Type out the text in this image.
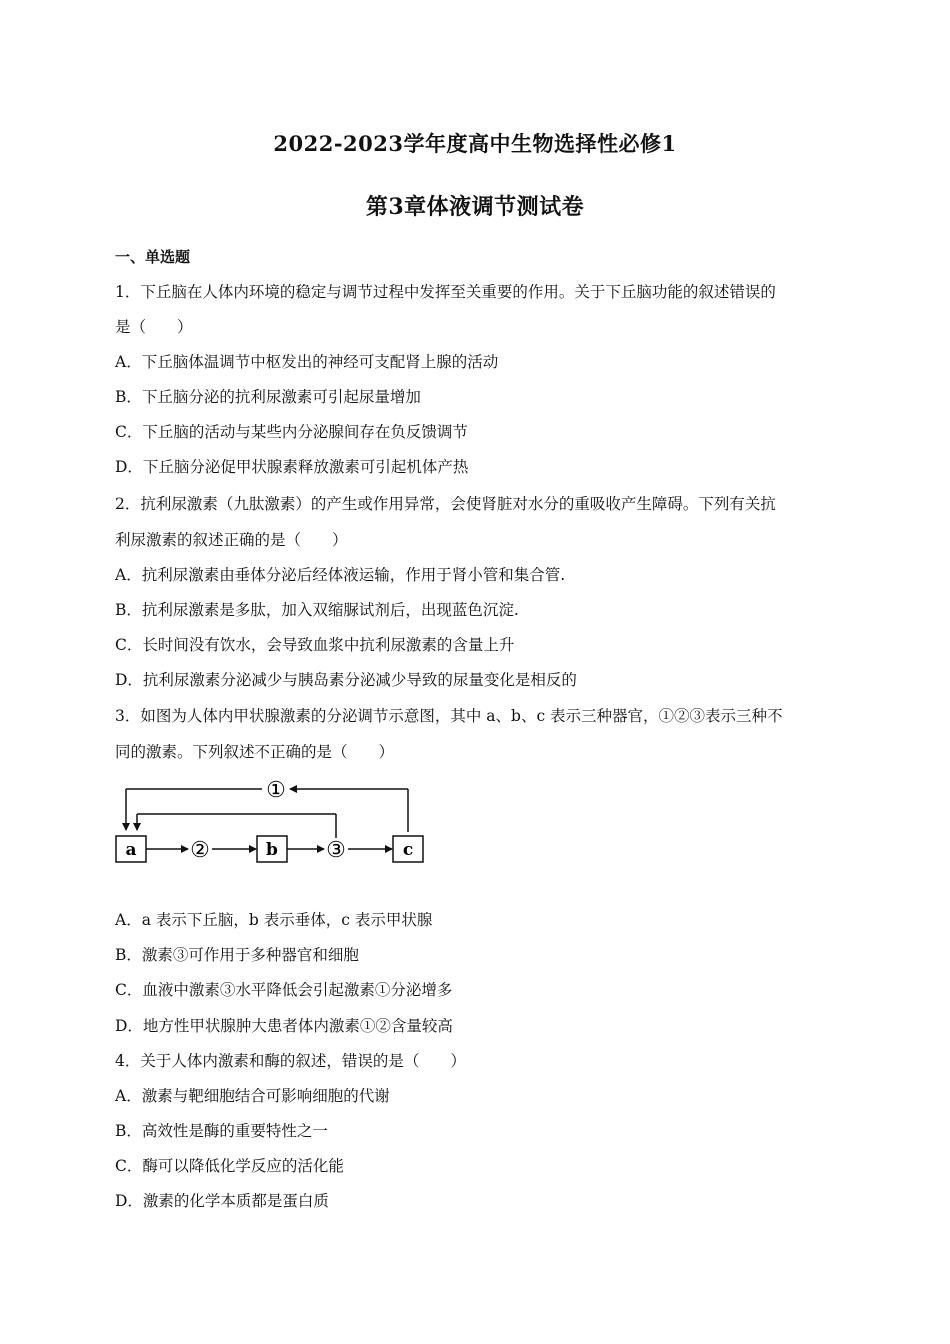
2022-2023学年度高中生物选择性必修1
第3章体液调节测试卷
一、单选题
1．下丘脑在人体内环境的稳定与调节过程中发挥至关重要的作用。关于下丘脑功能的叙述错误的
是（　　）
A．下丘脑体温调节中枢发出的神经可支配肾上腺的活动
B．下丘脑分泌的抗利尿激素可引起尿量增加
C．下丘脑的活动与某些内分泌腺间存在负反馈调节
D．下丘脑分泌促甲状腺素释放激素可引起机体产热
2．抗利尿激素（九肽激素）的产生或作用异常，会使肾脏对水分的重吸收产生障碍。下列有关抗
利尿激素的叙述正确的是（　　）
A．抗利尿激素由垂体分泌后经体液运输，作用于肾小管和集合管.
B．抗利尿激素是多肽，加入双缩脲试剂后，出现蓝色沉淀.
C．长时间没有饮水，会导致血浆中抗利尿激素的含量上升
D．抗利尿激素分泌减少与胰岛素分泌减少导致的尿量变化是相反的
3．如图为人体内甲状腺激素的分泌调节示意图，其中 a、b、c 表示三种器官，①②③表示三种不
同的激素。下列叙述不正确的是（　　）
①
a ②	b ③	c
A．a 表示下丘脑，b 表示垂体，c 表示甲状腺
B．激素③可作用于多种器官和细胞
C．血液中激素③水平降低会引起激素①分泌增多
D．地方性甲状腺肿大患者体内激素①②含量较高
4．关于人体内激素和酶的叙述，错误的是（　　）
A．激素与靶细胞结合可影响细胞的代谢
B．高效性是酶的重要特性之一
C．酶可以降低化学反应的活化能
D．激素的化学本质都是蛋白质
